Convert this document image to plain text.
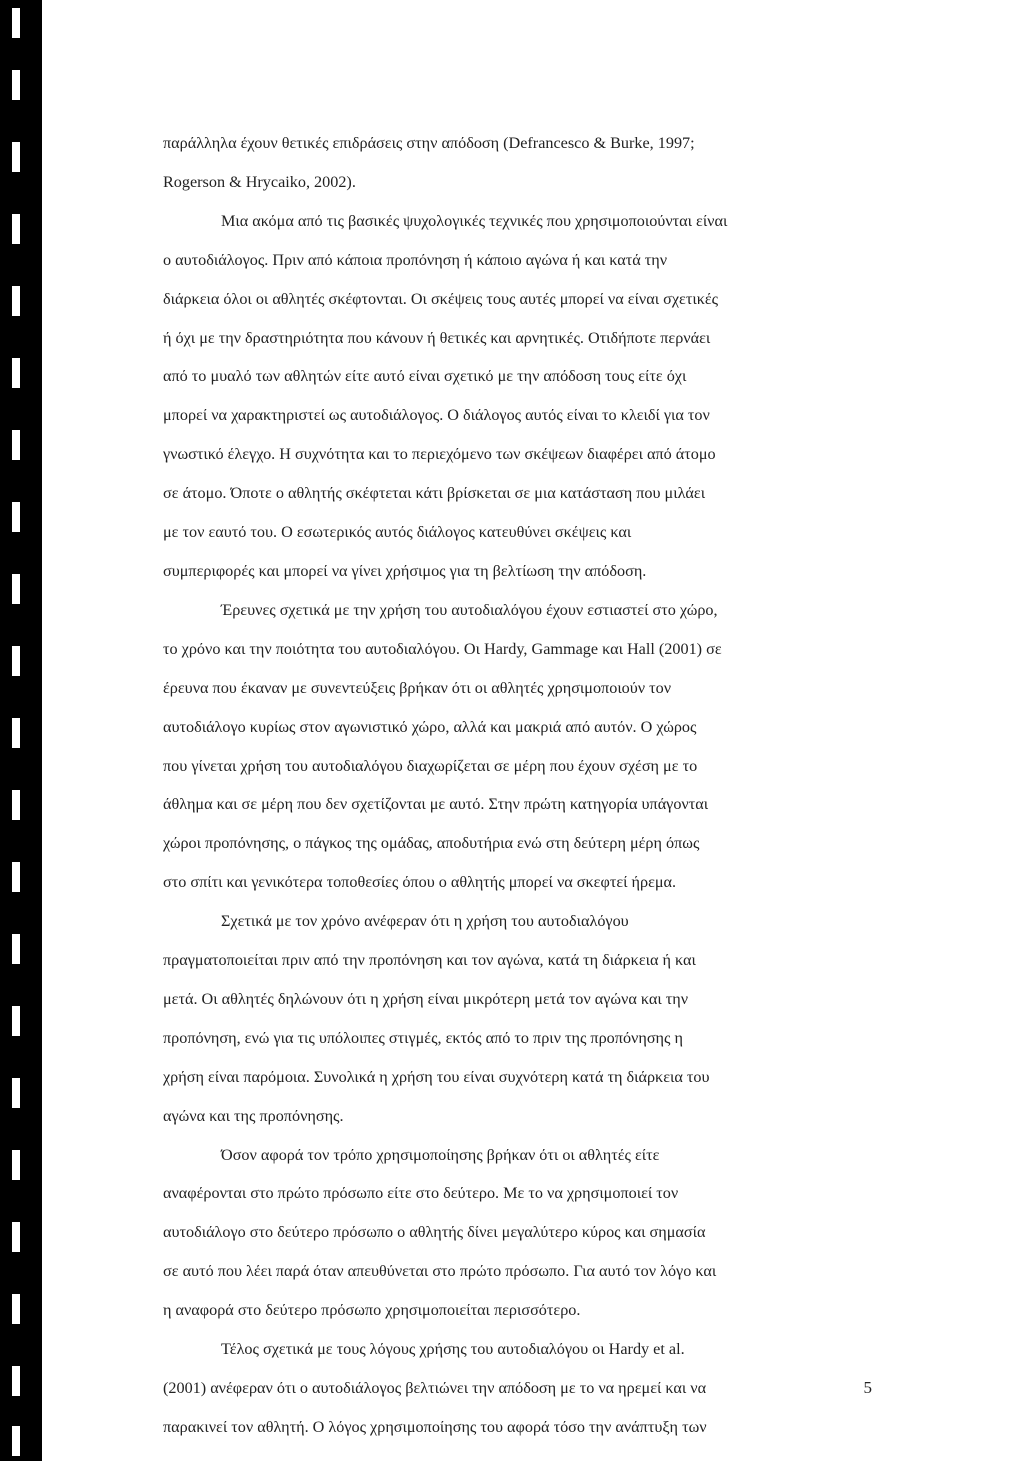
παράλληλα έχουν θετικές επιδράσεις στην απόδοση (Defrancesco & Burke, 1997;
Rogerson & Hrycaiko, 2002).
Μια ακόμα από τις βασικές ψυχολογικές τεχνικές που χρησιμοποιούνται είναι
ο αυτοδιάλογος. Πριν από κάποια προπόνηση ή κάποιο αγώνα ή και κατά την
διάρκεια όλοι οι αθλητές σκέφτονται. Οι σκέψεις τους αυτές μπορεί να είναι σχετικές
ή όχι με την δραστηριότητα που κάνουν ή θετικές και αρνητικές. Οτιδήποτε περνάει
από το μυαλό των αθλητών είτε αυτό είναι σχετικό με την απόδοση τους είτε όχι
μπορεί να χαρακτηριστεί ως αυτοδιάλογος. Ο διάλογος αυτός είναι το κλειδί για τον
γνωστικό έλεγχο. Η συχνότητα και το περιεχόμενο των σκέψεων διαφέρει από άτομο
σε άτομο. Όποτε ο αθλητής σκέφτεται κάτι βρίσκεται σε μια κατάσταση που μιλάει
με τον εαυτό του. Ο εσωτερικός αυτός διάλογος κατευθύνει σκέψεις και
συμπεριφορές και μπορεί να γίνει χρήσιμος για τη βελτίωση την απόδοση.
Έρευνες σχετικά με την χρήση του αυτοδιαλόγου έχουν εστιαστεί στο χώρο,
το χρόνο και την ποιότητα του αυτοδιαλόγου. Οι Hardy, Gammage και Hall (2001) σε
έρευνα που έκαναν με συνεντεύξεις βρήκαν ότι οι αθλητές χρησιμοποιούν τον
αυτοδιάλογο κυρίως στον αγωνιστικό χώρο, αλλά και μακριά από αυτόν. Ο χώρος
που γίνεται χρήση του αυτοδιαλόγου διαχωρίζεται σε μέρη που έχουν σχέση με το
άθλημα και σε μέρη που δεν σχετίζονται με αυτό. Στην πρώτη κατηγορία υπάγονται
χώροι προπόνησης, ο πάγκος της ομάδας, αποδυτήρια ενώ στη δεύτερη μέρη όπως
στο σπίτι και γενικότερα τοποθεσίες όπου ο αθλητής μπορεί να σκεφτεί ήρεμα.
Σχετικά με τον χρόνο ανέφεραν ότι η χρήση του αυτοδιαλόγου
πραγματοποιείται πριν από την προπόνηση και τον αγώνα, κατά τη διάρκεια ή και
μετά. Οι αθλητές δηλώνουν ότι η χρήση είναι μικρότερη μετά τον αγώνα και την
προπόνηση, ενώ για τις υπόλοιπες στιγμές, εκτός από το πριν της προπόνησης η
χρήση είναι παρόμοια. Συνολικά η χρήση του είναι συχνότερη κατά τη διάρκεια του
αγώνα και της προπόνησης.
Όσον αφορά τον τρόπο χρησιμοποίησης βρήκαν ότι οι αθλητές είτε
αναφέρονται στο πρώτο πρόσωπο είτε στο δεύτερο. Με το να χρησιμοποιεί τον
αυτοδιάλογο στο δεύτερο πρόσωπο ο αθλητής δίνει μεγαλύτερο κύρος και σημασία
σε αυτό που λέει παρά όταν απευθύνεται στο πρώτο πρόσωπο. Για αυτό τον λόγο και
η αναφορά στο δεύτερο πρόσωπο χρησιμοποιείται περισσότερο.
Τέλος σχετικά με τους λόγους χρήσης του αυτοδιαλόγου οι Hardy et al.
(2001) ανέφεραν ότι ο αυτοδιάλογος βελτιώνει την απόδοση με το να ηρεμεί και να
παρακινεί τον αθλητή. Ο λόγος χρησιμοποίησης του αφορά τόσο την ανάπτυξη των
5
